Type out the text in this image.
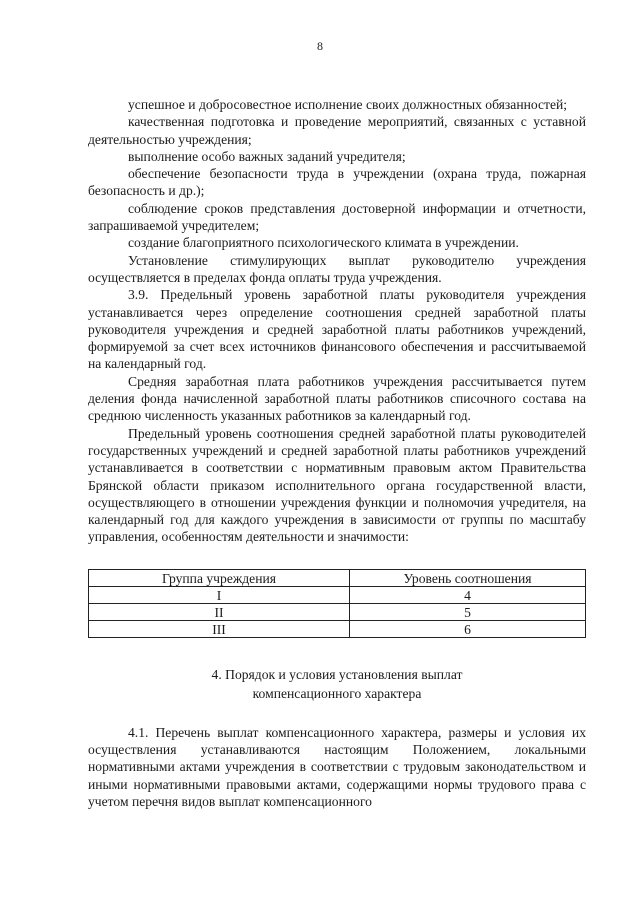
8

успешное и добросовестное исполнение своих должностных обязанностей;

качественная подготовка и проведение мероприятий, связанных с уставной деятельностью учреждения;

выполнение особо важных заданий учредителя;

обеспечение безопасности труда в учреждении (охрана труда, пожарная безопасность и др.);

соблюдение сроков представления достоверной информации и отчетности, запрашиваемой учредителем;

создание благоприятного психологического климата в учреждении.

Установление стимулирующих выплат руководителю учреждения осуществляется в пределах фонда оплаты труда учреждения.

3.9. Предельный уровень заработной платы руководителя учреждения устанавливается через определение соотношения средней заработной платы руководителя учреждения и средней заработной платы работников учреждений, формируемой за счет всех источников финансового обеспечения и рассчитываемой на календарный год.

Средняя заработная плата работников учреждения рассчитывается путем деления фонда начисленной заработной платы работников списочного состава на среднюю численность указанных работников за календарный год.

Предельный уровень соотношения средней заработной платы руководителей государственных учреждений и средней заработной платы работников учреждений устанавливается в соответствии с нормативным правовым актом Правительства Брянской области приказом исполнительного органа государственной власти, осуществляющего в отношении учреждения функции и полномочия учредителя, на календарный год для каждого учреждения в зависимости от группы по масштабу управления, особенностям деятельности и значимости:

Группа учреждения	Уровень соотношения
I	4
II	5
III	6
4. Порядок и условия установления выплат
компенсационного характера

4.1. Перечень выплат компенсационного характера, размеры и условия их осуществления устанавливаются настоящим Положением, локальными нормативными актами учреждения в соответствии с трудовым законодательством и иными нормативными правовыми актами, содержащими нормы трудового права с учетом перечня видов выплат компенсационного
